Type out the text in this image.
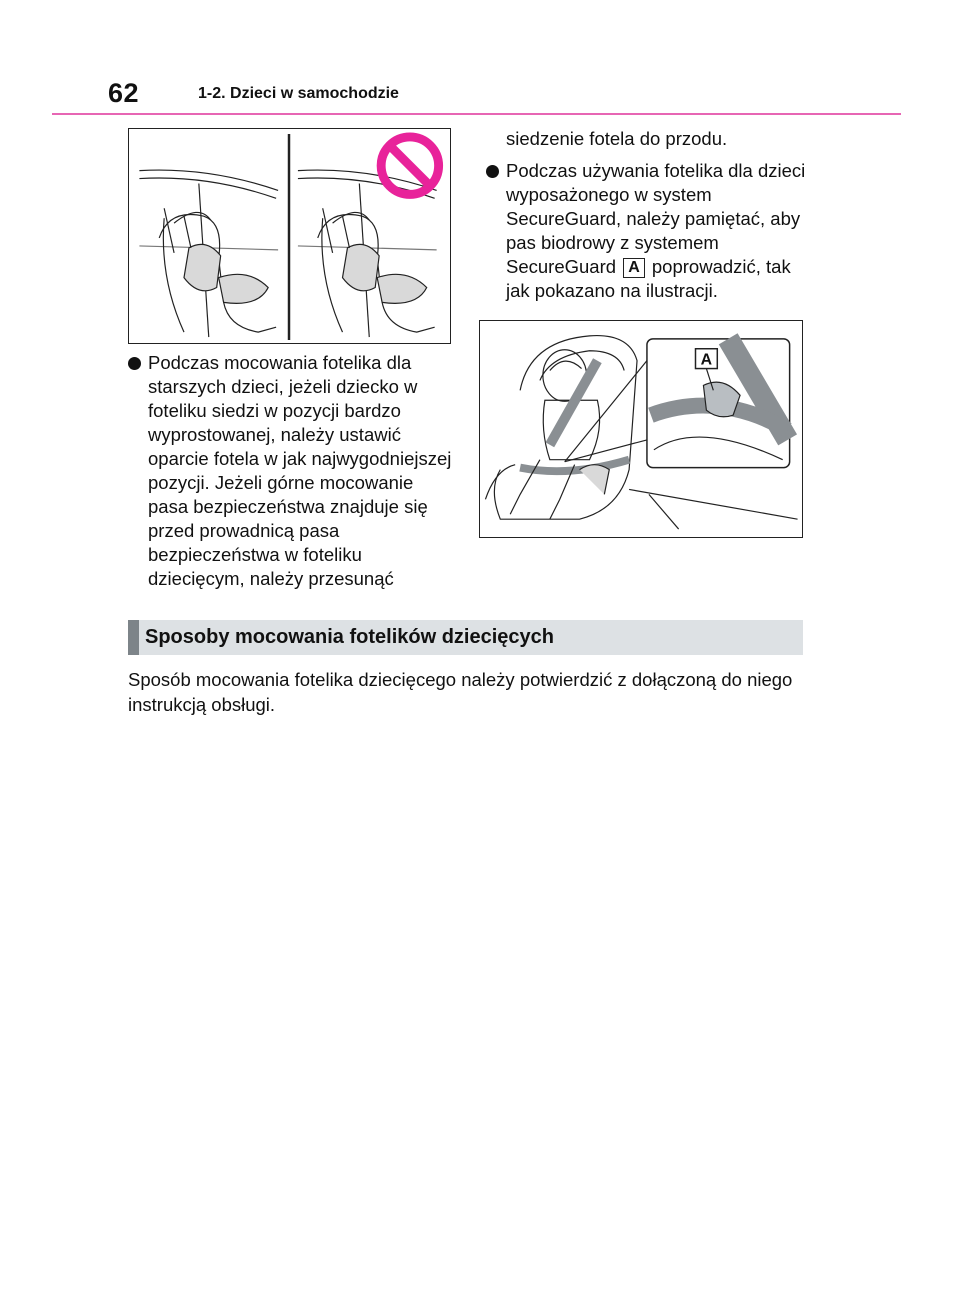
62	1-2. Dzieci w samochodzie

Podczas mocowania fotelika dla starszych dzieci, jeżeli dziecko w foteliku siedzi w pozycji bardzo wyprostowanej, należy ustawić oparcie fotela w jak najwygodniejszej pozycji. Jeżeli górne mocowanie pasa bezpieczeństwa znajduje się przed prowadnicą pasa bezpieczeństwa w foteliku dziecięcym, należy przesunąć

siedzenie fotela do przodu.

Podczas używania fotelika dla dzieci wyposażonego w system SecureGuard, należy pamiętać, aby pas biodrowy z systemem SecureGuard A poprowadzić, tak jak pokazano na ilustracji.

A
Sposoby mocowania fotelików dziecięcych

Sposób mocowania fotelika dziecięcego należy potwierdzić z dołączoną do niego instrukcją obsługi.
